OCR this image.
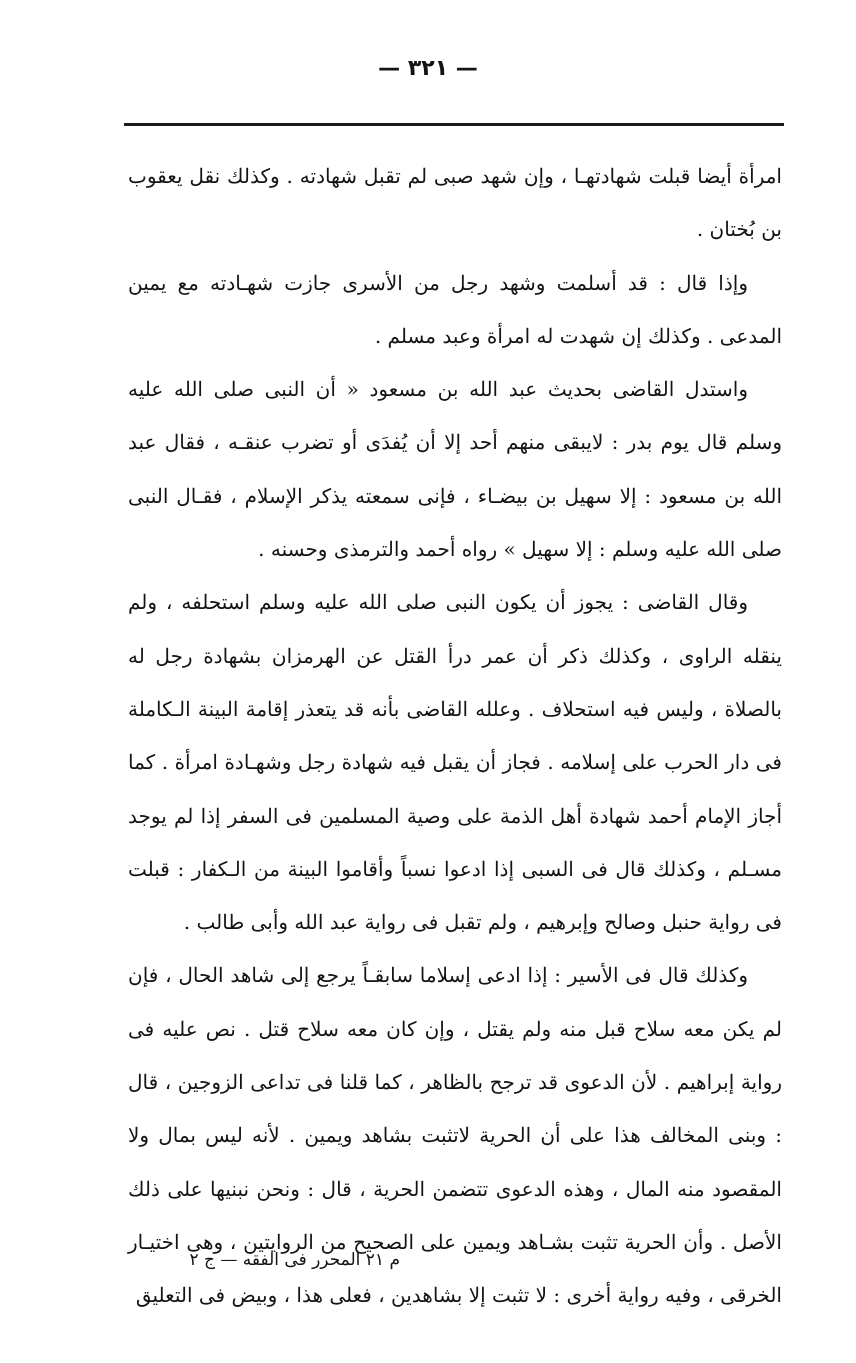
— ٣٢١ —

امرأة أيضا قبلت شهادتهـا ، وإن شهد صبى لم تقبل شهادته . وكذلك نقل يعقوب بن بُختان .

وإذا قال : قد أسلمت وشهد رجل من الأسرى جازت شهـادته مع يمين المدعى . وكذلك إن شهدت له امرأة وعبد مسلم .

واستدل القاضى بحديث عبد الله بن مسعود « أن النبى صلى الله عليه وسلم قال يوم بدر : لايبقى منهم أحد إلا أن يُفدَى أو تضرب عنقـه ، فقال عبد الله بن مسعود : إلا سهيل بن بيضـاء ، فإنى سمعته يذكر الإسلام ، فقـال النبى صلى الله عليه وسلم : إلا سهيل » رواه أحمد والترمذى وحسنه .

وقال القاضى : يجوز أن يكون النبى صلى الله عليه وسلم استحلفه ، ولم ينقله الراوى ، وكذلك ذكر أن عمر درأ القتل عن الهرمزان بشهادة رجل له بالصلاة ، وليس فيه استحلاف . وعلله القاضى بأنه قد يتعذر إقامة البينة الـكاملة فى دار الحرب على إسلامه . فجاز أن يقبل فيه شهادة رجل وشهـادة امرأة . كما أجاز الإمام أحمد شهادة أهل الذمة على وصية المسلمين فى السفر إذا لم يوجد مسـلم ، وكذلك قال فى السبى إذا ادعوا نسباً وأقاموا البينة من الـكفار : قبلت فى رواية حنبل وصالح وإبرهيم ، ولم تقبل فى رواية عبد الله وأبى طالب .

وكذلك قال فى الأسير : إذا ادعى إسلاما سابقـاً يرجع إلى شاهد الحال ، فإن لم يكن معه سلاح قبل منه ولم يقتل ، وإن كان معه سلاح قتل . نص عليه فى رواية إبراهيم . لأن الدعوى قد ترجح بالظاهر ، كما قلنا فى تداعى الزوجين ، قال : وبنى المخالف هذا على أن الحرية لاتثبت بشاهد ويمين . لأنه ليس بمال ولا المقصود منه المال ، وهذه الدعوى تتضمن الحرية ، قال : ونحن نبنيها على ذلك الأصل . وأن الحرية تثبت بشـاهد ويمين على الصحيح من الروايتين ، وهى اختيـار الخرقى ، وفيه رواية أخرى : لا تثبت إلا بشاهدين ، فعلى هذا ، وبيض فى التعليق

م ٢١ المحرر فى الفقه — ج ٢
